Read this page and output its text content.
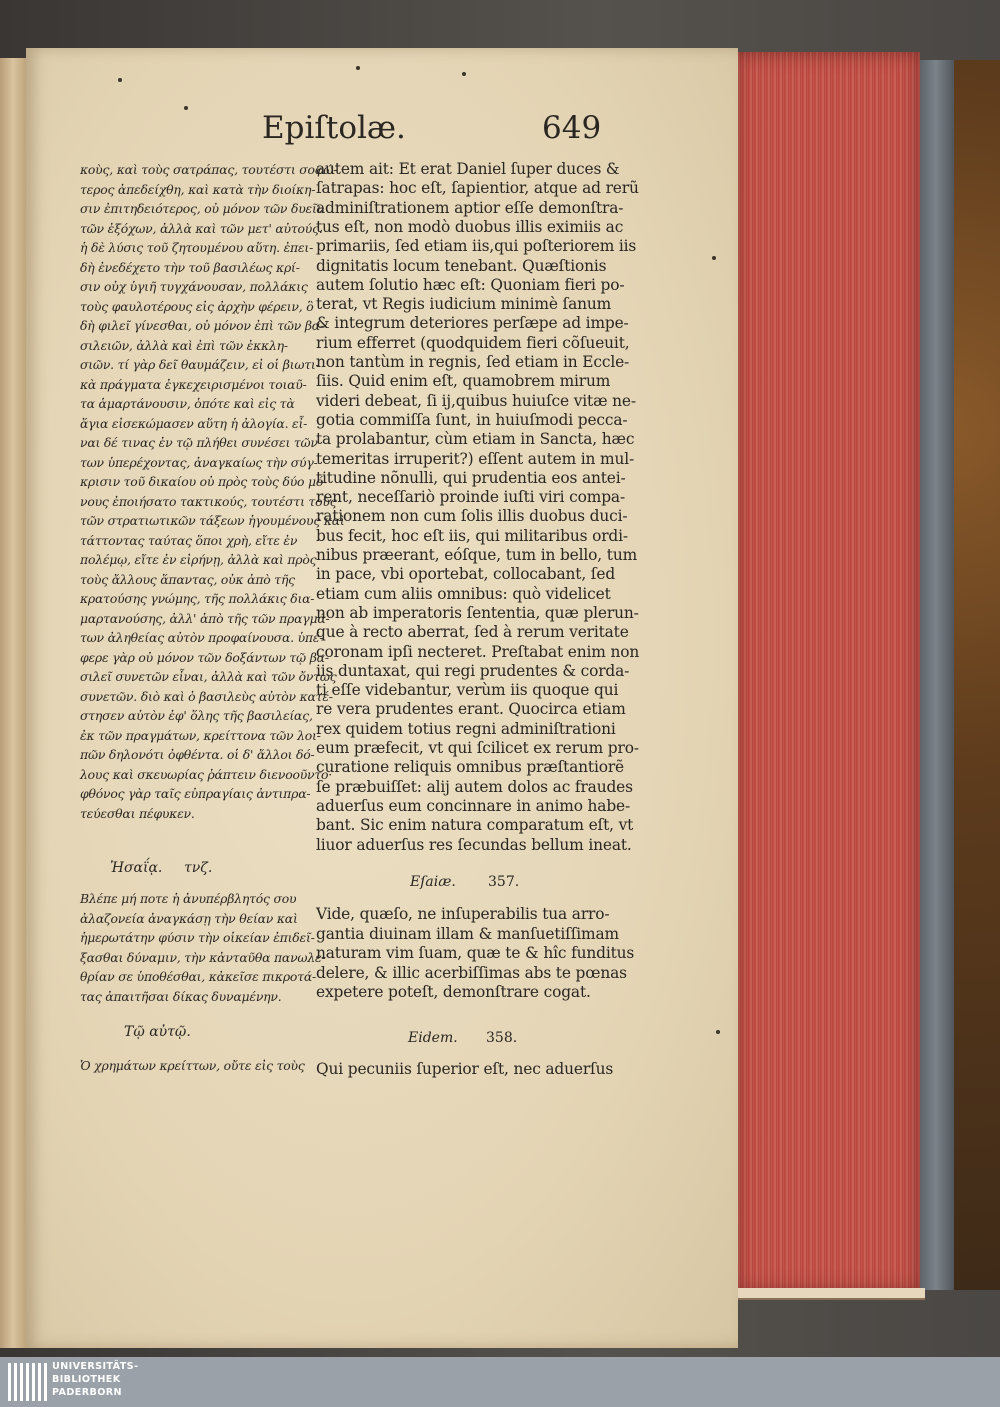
Epiſtolæ.	649
κοὺς, καὶ τοὺς σατράπας, τουτέστι σοφώ-
τερος ἀπεδείχθη, καὶ κατὰ τὴν διοίκη-
σιν ἐπιτηδειότερος, οὐ μόνον τῶν δυεῖν
τῶν ἐξόχων, ἀλλὰ καὶ τῶν μετ' αὐτούς.
ἡ δὲ λύσις τοῦ ζητουμένου αὕτη. ἐπει-
δὴ ἐνεδέχετο τὴν τοῦ βασιλέως κρί-
σιν οὐχ ὑγιῆ τυγχάνουσαν, πολλάκις
τοὺς φαυλοτέρους εἰς ἀρχὴν φέρειν, ὃ
δὴ φιλεῖ γίνεσθαι, οὐ μόνον ἐπὶ τῶν βα-
σιλειῶν, ἀλλὰ καὶ ἐπὶ τῶν ἐκκλη-
σιῶν. τί γὰρ δεῖ θαυμάζειν, εἰ οἱ βιωτι-
κὰ πράγματα ἐγκεχειρισμένοι τοιαῦ-
τα ἁμαρτάνουσιν, ὁπότε καὶ εἰς τὰ
ἅγια εἰσεκώμασεν αὕτη ἡ ἀλογία. εἶ-
ναι δέ τινας ἐν τῷ πλήθει συνέσει τῶν
των ὑπερέχοντας, ἀναγκαίως τὴν σύγ-
κρισιν τοῦ δικαίου οὐ πρὸς τοὺς δύο μό-
νους ἐποιήσατο τακτικούς, τουτέστι τοὺς
τῶν στρατιωτικῶν τάξεων ἡγουμένους καὶ
τάττοντας ταύτας ὅποι χρὴ, εἴτε ἐν
πολέμῳ, εἴτε ἐν εἰρήνῃ, ἀλλὰ καὶ πρὸς
τοὺς ἄλλους ἅπαντας, οὐκ ἀπὸ τῆς
κρατούσης γνώμης, τῆς πολλάκις δια-
μαρτανούσης, ἀλλ' ἀπὸ τῆς τῶν πραγμά-
των ἀληθείας αὐτὸν προφαίνουσα. ὑπέ-
φερε γὰρ οὐ μόνον τῶν δοξάντων τῷ βα-
σιλεῖ συνετῶν εἶναι, ἀλλὰ καὶ τῶν ὄντως
συνετῶν. διὸ καὶ ὁ βασιλεὺς αὐτὸν κατέ-
στησεν αὐτὸν ἐφ' ὅλης τῆς βασιλείας,
ἐκ τῶν πραγμάτων, κρείττονα τῶν λοι-
πῶν δηλονότι ὀφθέντα. οἱ δ' ἄλλοι δό-
λους καὶ σκευωρίας ῥάπτειν διενοοῦντο·
φθόνος γὰρ ταῖς εὐπραγίαις ἀντιπρα-
τεύεσθαι πέφυκεν.
autem ait: Et erat Daniel ſuper duces &
ſatrapas: hoc eſt, ſapientior, atque ad rerũ
adminiſtrationem aptior eſſe demonſtra-
tus eſt, non modò duobus illis eximiis ac
primariis, ſed etiam iis,qui poſteriorem iis
dignitatis locum tenebant. Quæſtionis
autem ſolutio hæc eſt: Quoniam fieri po-
terat, vt Regis iudicium minimè ſanum
& integrum deteriores perſæpe ad impe-
rium efferret (quodquidem fieri cõſueuit,
non tantùm in regnis, ſed etiam in Eccle-
ſiis. Quid enim eſt, quamobrem mirum
videri debeat, ſi ij,quibus huiuſce vitæ ne-
gotia commiſſa ſunt, in huiuſmodi pecca-
ta prolabantur, cùm etiam in Sancta, hæc
temeritas irruperit?) eſſent autem in mul-
titudine nõnulli, qui prudentia eos antei-
rent, neceſſariò proinde iuſti viri compa-
rationem non cum ſolis illis duobus duci-
bus fecit, hoc eſt iis, qui militaribus ordi-
nibus præerant, eóſque, tum in bello, tum
in pace, vbi oportebat, collocabant, ſed
etiam cum aliis omnibus: quò videlicet
non ab imperatoris ſententia, quæ plerun-
que à recto aberrat, ſed à rerum veritate
coronam ipſi necteret. Preſtabat enim non
iis duntaxat, qui regi prudentes & corda-
ti eſſe videbantur, verùm iis quoque qui
re vera prudentes erant. Quocirca etiam
rex quidem totius regni adminiſtrationi
eum præfecit, vt qui ſcilicet ex rerum pro-
curatione reliquis omnibus præſtantiorẽ
ſe præbuiſſet: alij autem dolos ac fraudes
aduerſus eum concinnare in animo habe-
bant. Sic enim natura comparatum eſt, vt
liuor aduerſus res ſecundas bellum ineat.
Ἠσαΐᾳ. τνζ.
Eſaiæ. 357.
Βλέπε μή ποτε ἡ ἀνυπέρβλητός σου
ἀλαζονεία ἀναγκάσῃ τὴν θείαν καὶ
ἡμερωτάτην φύσιν τὴν οἰκείαν ἐπιδεῖ-
ξασθαι δύναμιν, τὴν κἀνταῦθα πανωλε-
θρίαν σε ὑποθέσθαι, κἀκεῖσε πικροτά-
τας ἀπαιτῆσαι δίκας δυναμένην.
Vide, quæſo, ne inſuperabilis tua arro-
gantia diuinam illam & manſuetiſſimam
naturam vim ſuam, quæ te & hîc funditus
delere, & illic acerbiſſimas abs te pœnas
expetere poteſt, demonſtrare cogat.
Τῷ αὐτῷ.	Eidem. 358.
Ὁ χρημάτων κρείττων, οὔτε εἰς τοὺς Qui pecuniis ſuperior eſt, nec aduerſus
UNIVERSITÄTS-
BIBLIOTHEK
PADERBORN
